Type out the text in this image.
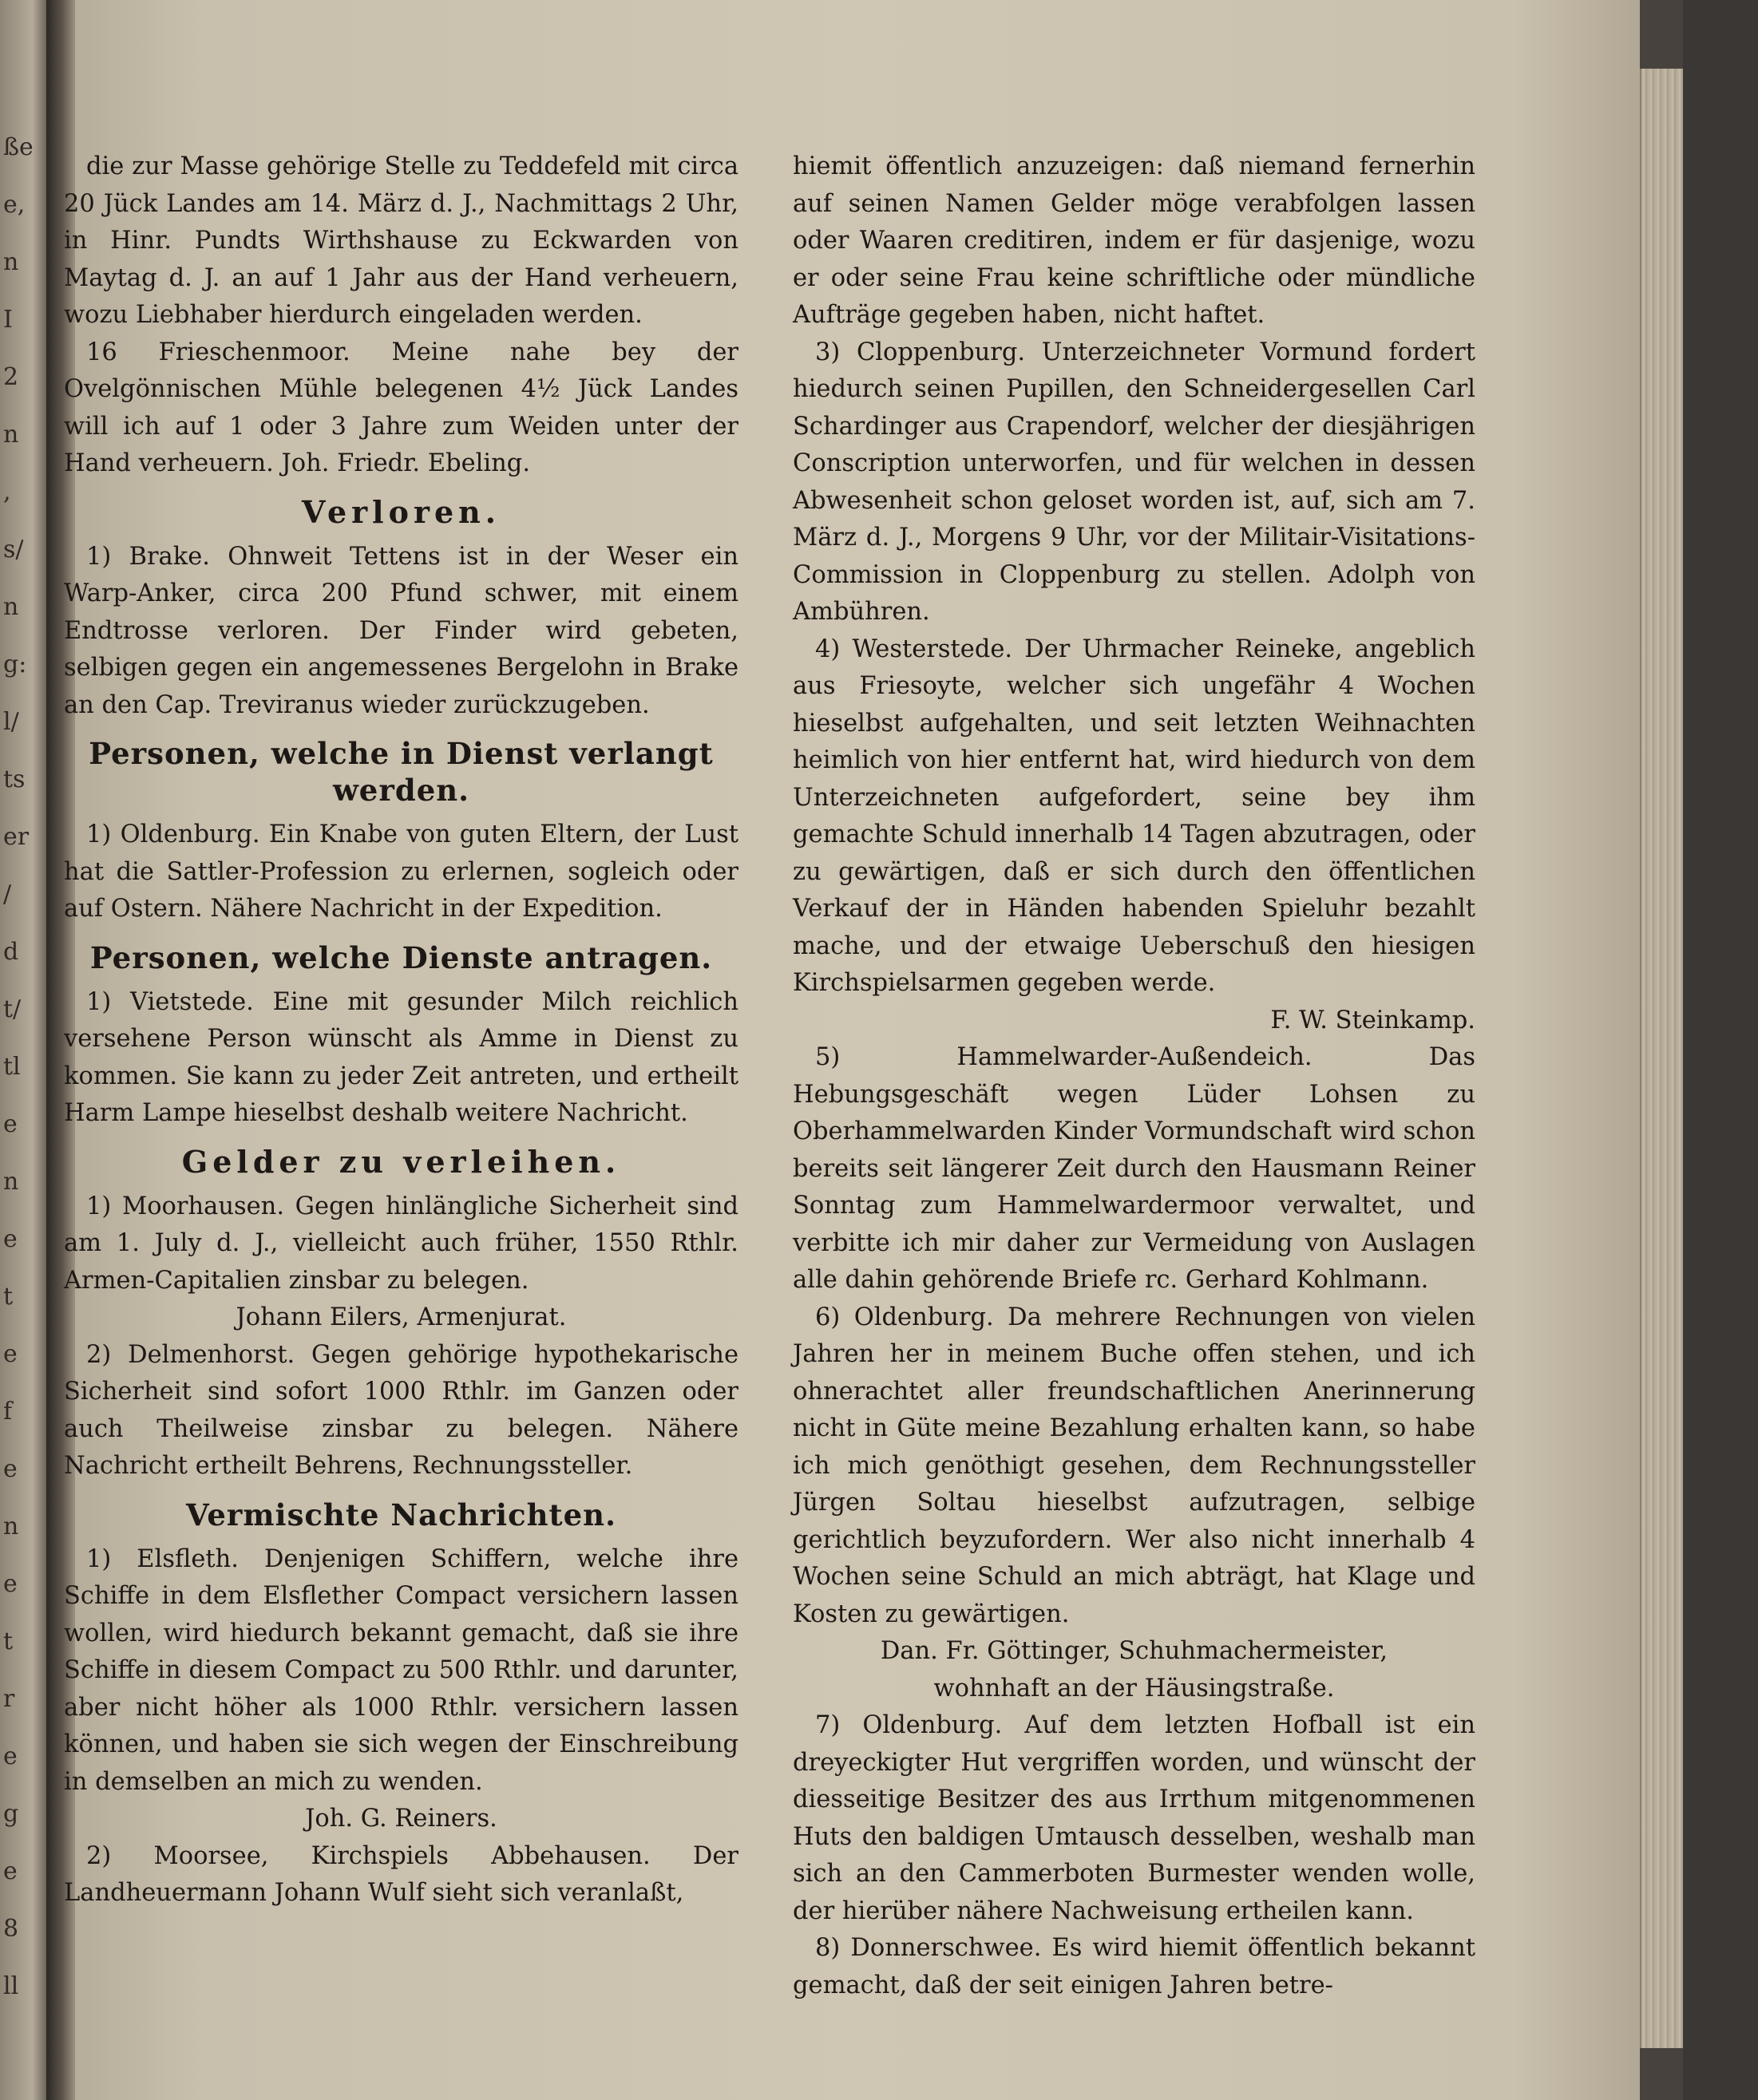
ße
e,
n
I
2
n
,
s/
n
g:
l/
ts
er
/
d
t/
tl
e
n
e
t
e
f
e
n
e
t
r
e
g
e
8
ll

die zur Masse gehörige Stelle zu Teddefeld mit circa 20 Jück Landes am 14. März d. J., Nachmittags 2 Uhr, in Hinr. Pundts Wirthshause zu Eckwarden von Maytag d. J. an auf 1 Jahr aus der Hand verheuern, wozu Liebhaber hierdurch eingeladen werden.

16 Frieschenmoor. Meine nahe bey der Ovelgönnischen Mühle belegenen 4½ Jück Landes will ich auf 1 oder 3 Jahre zum Weiden unter der Hand verheuern. Joh. Friedr. Ebeling.

Verloren.

1) Brake. Ohnweit Tettens ist in der Weser ein Warp-Anker, circa 200 Pfund schwer, mit einem Endtrosse verloren. Der Finder wird gebeten, selbigen gegen ein angemessenes Bergelohn in Brake an den Cap. Treviranus wieder zurückzugeben.

Personen, welche in Dienst verlangt werden.

1) Oldenburg. Ein Knabe von guten Eltern, der Lust hat die Sattler-Profession zu erlernen, sogleich oder auf Ostern. Nähere Nachricht in der Expedition.

Personen, welche Dienste antragen.

1) Vietstede. Eine mit gesunder Milch reichlich versehene Person wünscht als Amme in Dienst zu kommen. Sie kann zu jeder Zeit antreten, und ertheilt Harm Lampe hieselbst deshalb weitere Nachricht.

Gelder zu verleihen.

1) Moorhausen. Gegen hinlängliche Sicherheit sind am 1. July d. J., vielleicht auch früher, 1550 Rthlr. Armen-Capitalien zinsbar zu belegen.

Johann Eilers, Armenjurat.

2) Delmenhorst. Gegen gehörige hypothekarische Sicherheit sind sofort 1000 Rthlr. im Ganzen oder auch Theilweise zinsbar zu belegen. Nähere Nachricht ertheilt Behrens, Rechnungssteller.

Vermischte Nachrichten.

1) Elsfleth. Denjenigen Schiffern, welche ihre Schiffe in dem Elsflether Compact versichern lassen wollen, wird hiedurch bekannt gemacht, daß sie ihre Schiffe in diesem Compact zu 500 Rthlr. und darunter, aber nicht höher als 1000 Rthlr. versichern lassen können, und haben sie sich wegen der Einschreibung in demselben an mich zu wenden.

Joh. G. Reiners.

2) Moorsee, Kirchspiels Abbehausen. Der Landheuermann Johann Wulf sieht sich veranlaßt,

hiemit öffentlich anzuzeigen: daß niemand fernerhin auf seinen Namen Gelder möge verabfolgen lassen oder Waaren creditiren, indem er für dasjenige, wozu er oder seine Frau keine schriftliche oder mündliche Aufträge gegeben haben, nicht haftet.

3) Cloppenburg. Unterzeichneter Vormund fordert hiedurch seinen Pupillen, den Schneidergesellen Carl Schardinger aus Crapendorf, welcher der diesjährigen Conscription unterworfen, und für welchen in dessen Abwesenheit schon geloset worden ist, auf, sich am 7. März d. J., Morgens 9 Uhr, vor der Militair-Visitations-Commission in Cloppenburg zu stellen. Adolph von Ambühren.

4) Westerstede. Der Uhrmacher Reineke, angeblich aus Friesoyte, welcher sich ungefähr 4 Wochen hieselbst aufgehalten, und seit letzten Weihnachten heimlich von hier entfernt hat, wird hiedurch von dem Unterzeichneten aufgefordert, seine bey ihm gemachte Schuld innerhalb 14 Tagen abzutragen, oder zu gewärtigen, daß er sich durch den öffentlichen Verkauf der in Händen habenden Spieluhr bezahlt mache, und der etwaige Ueberschuß den hiesigen Kirchspielsarmen gegeben werde.

F. W. Steinkamp.

5) Hammelwarder-Außendeich. Das Hebungsgeschäft wegen Lüder Lohsen zu Oberhammelwarden Kinder Vormundschaft wird schon bereits seit längerer Zeit durch den Hausmann Reiner Sonntag zum Hammelwardermoor verwaltet, und verbitte ich mir daher zur Vermeidung von Auslagen alle dahin gehörende Briefe rc. Gerhard Kohlmann.

6) Oldenburg. Da mehrere Rechnungen von vielen Jahren her in meinem Buche offen stehen, und ich ohnerachtet aller freundschaftlichen Anerinnerung nicht in Güte meine Bezahlung erhalten kann, so habe ich mich genöthigt gesehen, dem Rechnungssteller Jürgen Soltau hieselbst aufzutragen, selbige gerichtlich beyzufordern. Wer also nicht innerhalb 4 Wochen seine Schuld an mich abträgt, hat Klage und Kosten zu gewärtigen.

Dan. Fr. Göttinger, Schuhmachermeister,

wohnhaft an der Häusingstraße.

7) Oldenburg. Auf dem letzten Hofball ist ein dreyeckigter Hut vergriffen worden, und wünscht der diesseitige Besitzer des aus Irrthum mitgenommenen Huts den baldigen Umtausch desselben, weshalb man sich an den Cammerboten Burmester wenden wolle, der hierüber nähere Nachweisung ertheilen kann.

8) Donnerschwee. Es wird hiemit öffentlich bekannt gemacht, daß der seit einigen Jahren betre-
